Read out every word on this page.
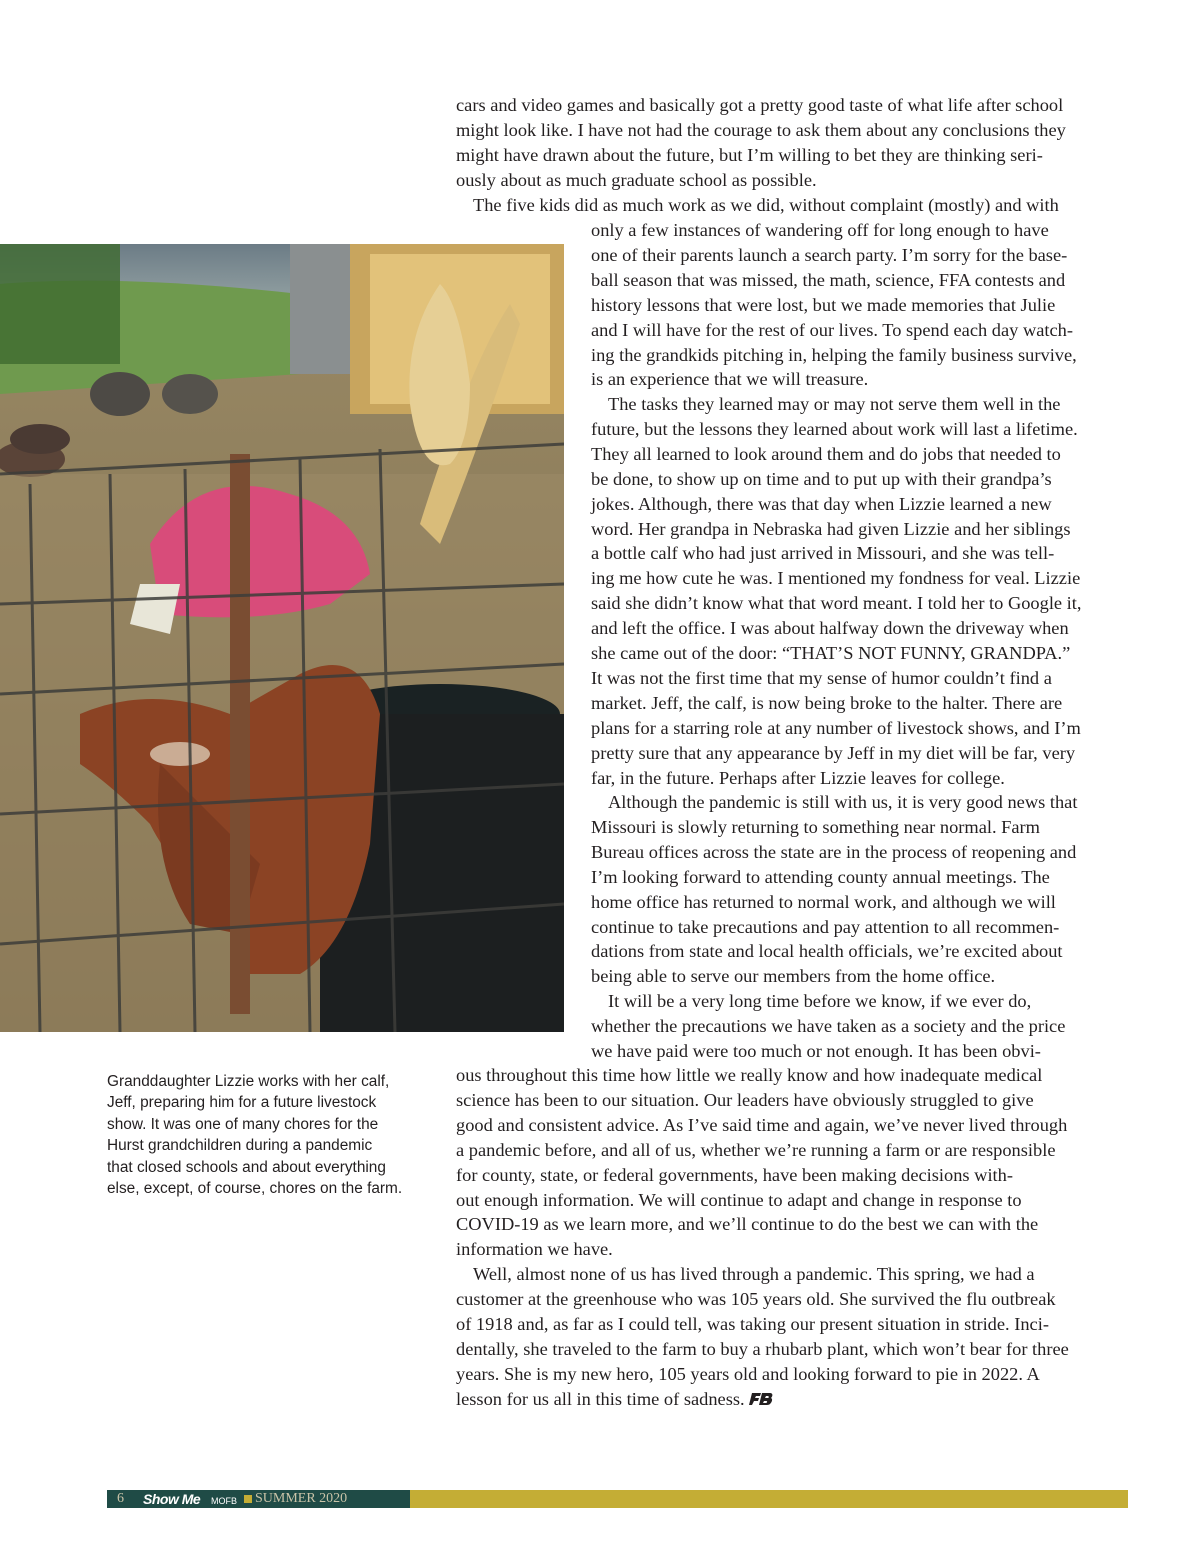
cars and video games and basically got a pretty good taste of what life after school
might look like. I have not had the courage to ask them about any conclusions they
might have drawn about the future, but I’m willing to bet they are thinking seri-
ously about as much graduate school as possible.
The five kids did as much work as we did, without complaint (mostly) and with
only a few instances of wandering off for long enough to have
one of their parents launch a search party. I’m sorry for the base-
ball season that was missed, the math, science, FFA contests and
history lessons that were lost, but we made memories that Julie
and I will have for the rest of our lives. To spend each day watch-
ing the grandkids pitching in, helping the family business survive,
is an experience that we will treasure.
The tasks they learned may or may not serve them well in the
future, but the lessons they learned about work will last a lifetime.
They all learned to look around them and do jobs that needed to
be done, to show up on time and to put up with their grandpa’s
jokes. Although, there was that day when Lizzie learned a new
word. Her grandpa in Nebraska had given Lizzie and her siblings
a bottle calf who had just arrived in Missouri, and she was tell-
ing me how cute he was. I mentioned my fondness for veal. Lizzie
said she didn’t know what that word meant. I told her to Google it,
and left the office. I was about halfway down the driveway when
she came out of the door: “THAT’S NOT FUNNY, GRANDPA.”
It was not the first time that my sense of humor couldn’t find a
market. Jeff, the calf, is now being broke to the halter. There are
plans for a starring role at any number of livestock shows, and I’m
pretty sure that any appearance by Jeff in my diet will be far, very
far, in the future. Perhaps after Lizzie leaves for college.
Although the pandemic is still with us, it is very good news that
Missouri is slowly returning to something near normal. Farm
Bureau offices across the state are in the process of reopening and
I’m looking forward to attending county annual meetings. The
home office has returned to normal work, and although we will
continue to take precautions and pay attention to all recommen-
dations from state and local health officials, we’re excited about
being able to serve our members from the home office.
It will be a very long time before we know, if we ever do,
whether the precautions we have taken as a society and the price
we have paid were too much or not enough. It has been obvi-
ous throughout this time how little we really know and how inadequate medical
science has been to our situation. Our leaders have obviously struggled to give
good and consistent advice. As I’ve said time and again, we’ve never lived through
a pandemic before, and all of us, whether we’re running a farm or are responsible
for county, state, or federal governments, have been making decisions with-
out enough information. We will continue to adapt and change in response to
COVID-19 as we learn more, and we’ll continue to do the best we can with the
information we have.
Well, almost none of us has lived through a pandemic. This spring, we had a
customer at the greenhouse who was 105 years old. She survived the flu outbreak
of 1918 and, as far as I could tell, was taking our present situation in stride. Inci-
dentally, she traveled to the farm to buy a rhubarb plant, which won’t bear for three
years. She is my new hero, 105 years old and looking forward to pie in 2022. A
lesson for us all in this time of sadness.
Granddaughter Lizzie works with her calf,
Jeff, preparing him for a future livestock
show. It was one of many chores for the
Hurst grandchildren during a pandemic
that closed schools and about everything
else, except, of course, chores on the farm.
6 Show Me MOFB SUMMER 2020
